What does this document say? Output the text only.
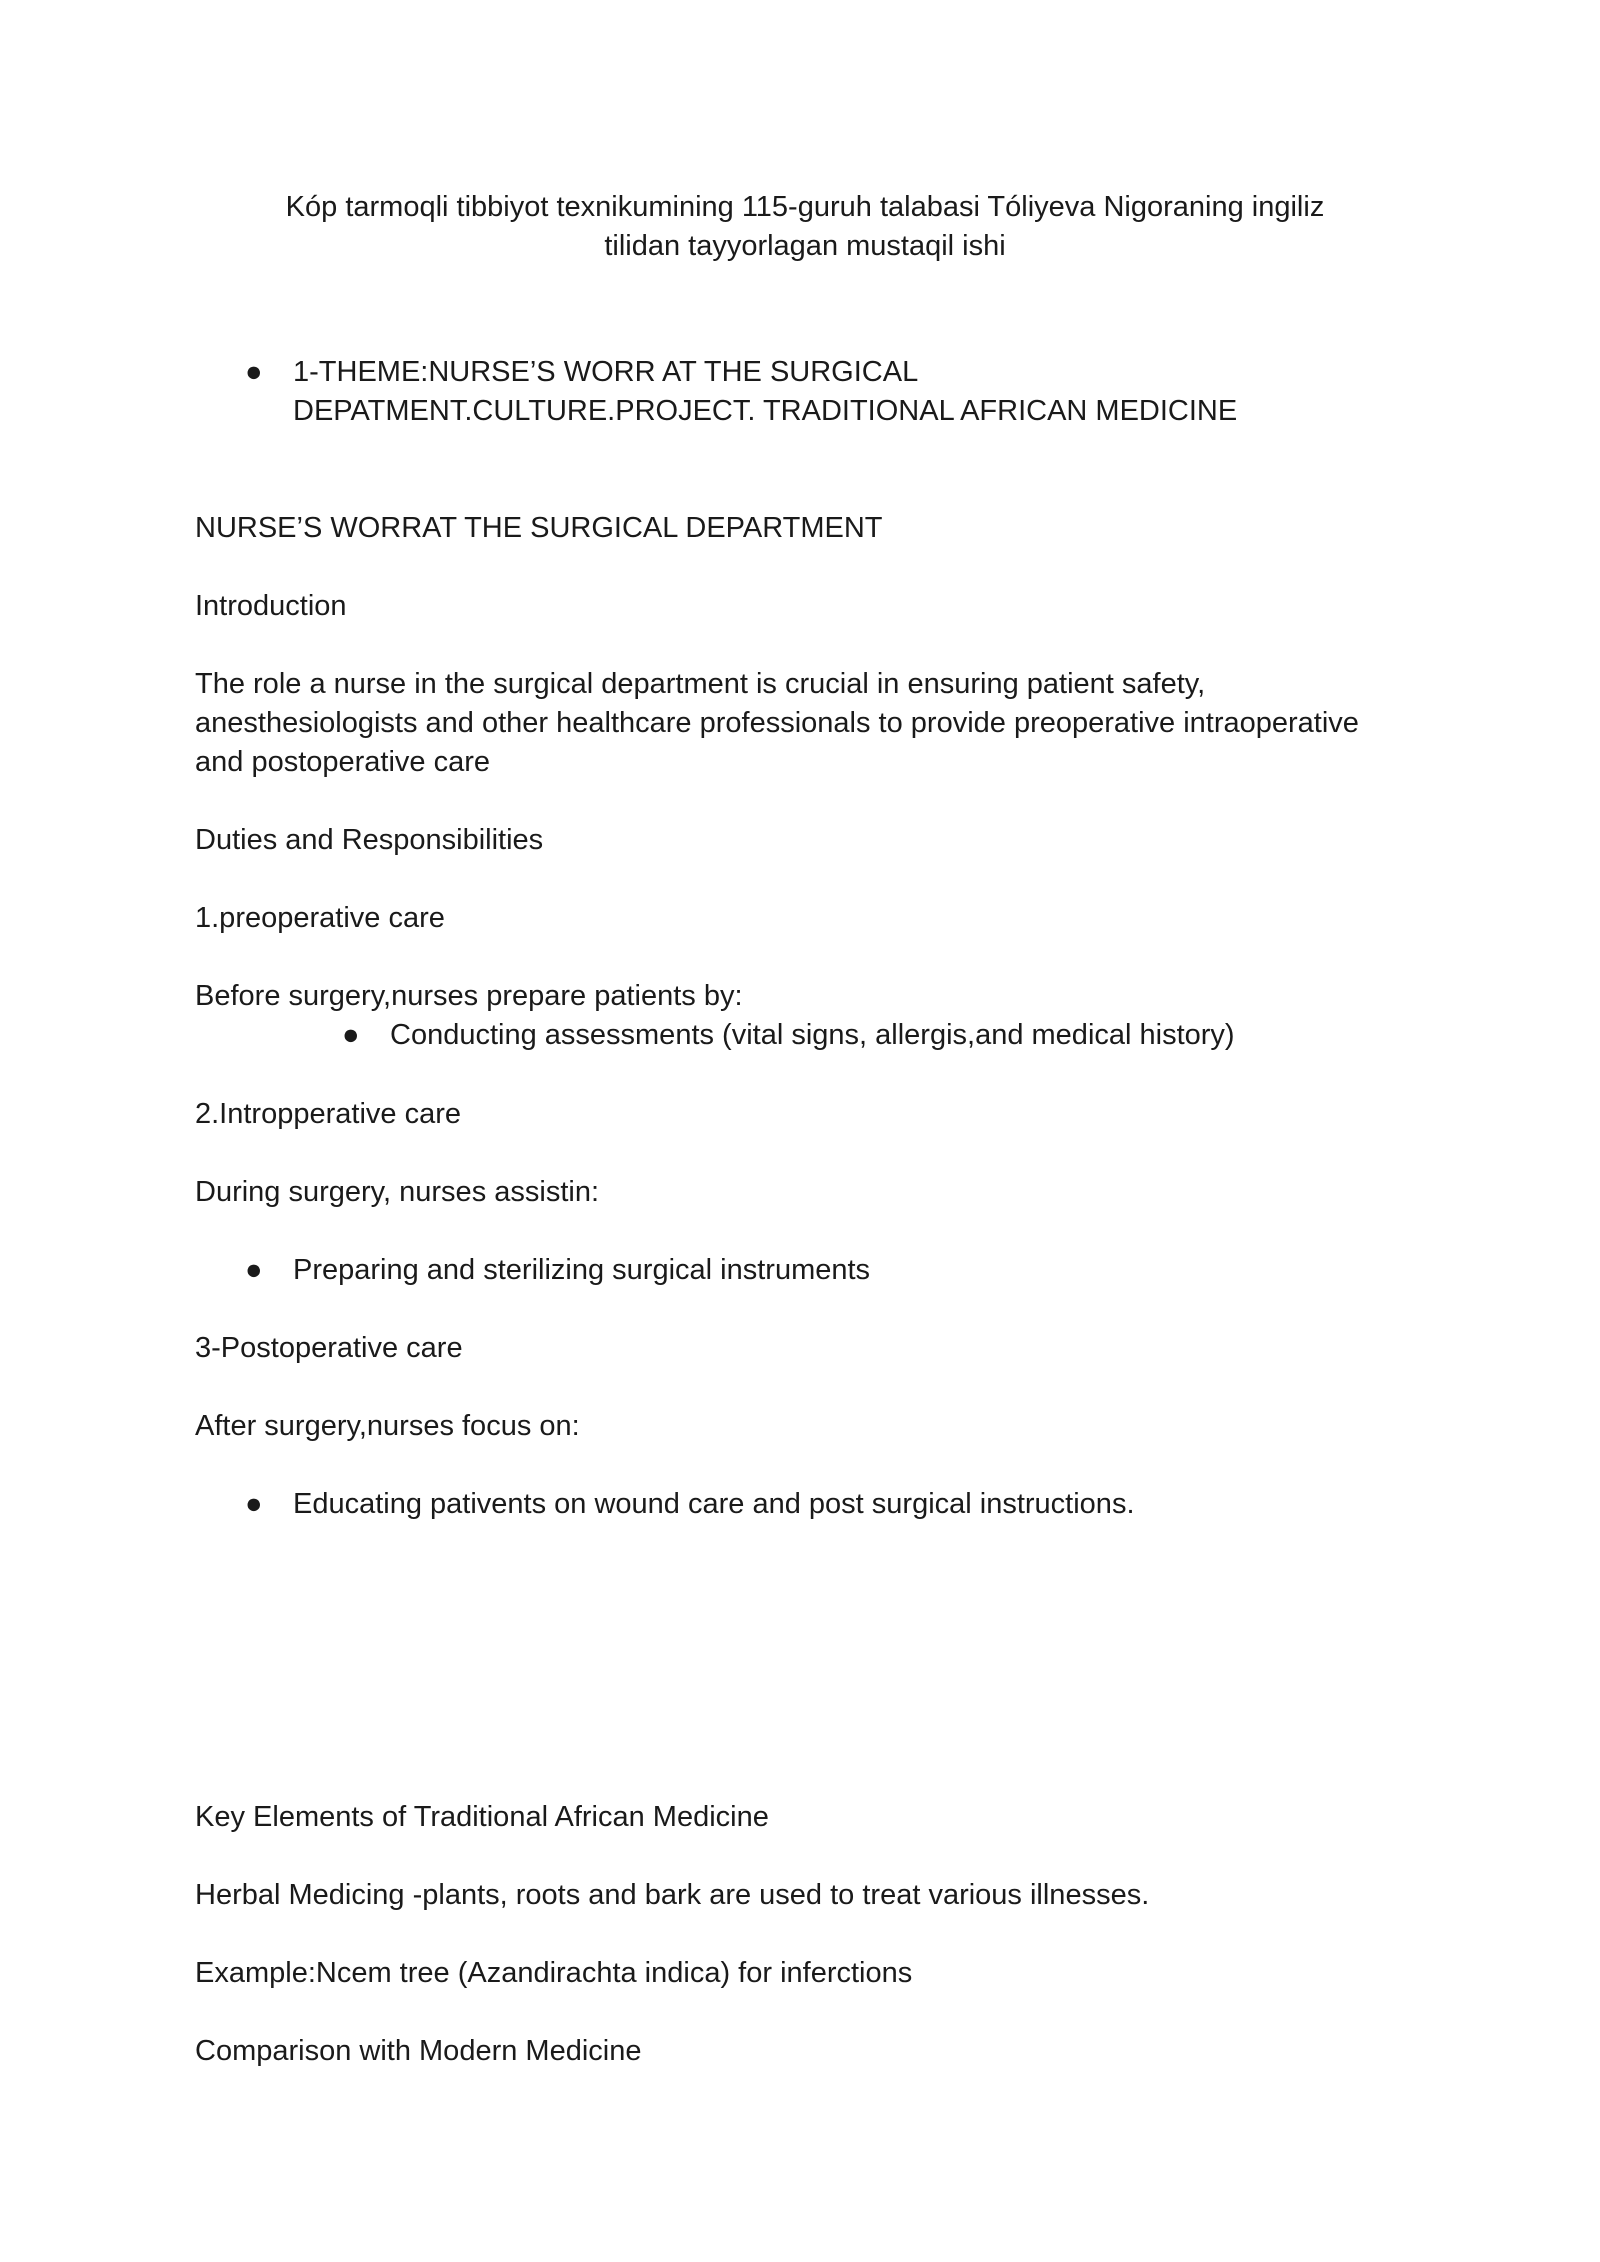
Kóp tarmoqli tibbiyot texnikumining 115-guruh talabasi Tóliyeva Nigoraning ingiliz
tilidan tayyorlagan mustaqil ishi

● 1-THEME:NURSE’S WORR AT THE SURGICAL
DEPATMENT.CULTURE.PROJECT. TRADITIONAL AFRICAN MEDICINE

NURSE’S WORRAT THE SURGICAL DEPARTMENT

Introduction

The role a nurse in the surgical department is crucial in ensuring patient safety,

anesthesiologists and other healthcare professionals to provide preoperative intraoperative

and postoperative care

Duties and Responsibilities

1.preoperative care

Before surgery,nurses prepare patients by:

● Conducting assessments (vital signs, allergis,and medical history)

2.Intropperative care

During surgery, nurses assistin:

● Preparing and sterilizing surgical instruments

3-Postoperative care

After surgery,nurses focus on:

● Educating pativents on wound care and post surgical instructions.

Key Elements of Traditional African Medicine

Herbal Medicing -plants, roots and bark are used to treat various illnesses.

Example:Ncem tree (Azandirachta indica) for inferctions

Comparison with Modern Medicine
